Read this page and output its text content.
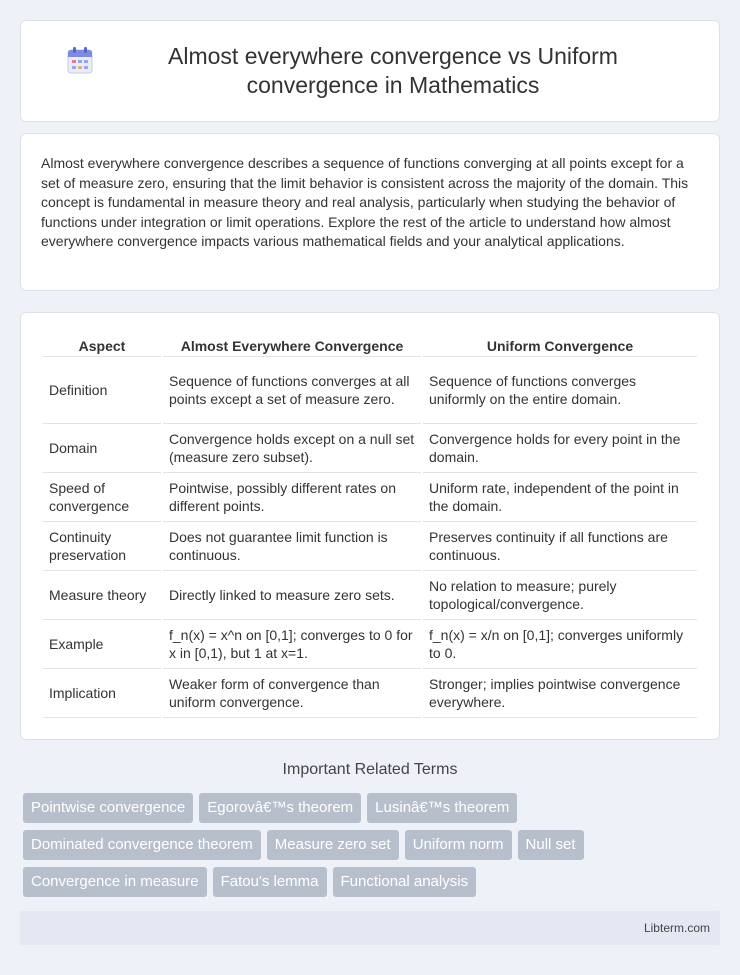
Almost everywhere convergence vs Uniform convergence in Mathematics

Almost everywhere convergence describes a sequence of functions converging at all points except for a set of measure zero, ensuring that the limit behavior is consistent across the majority of the domain. This concept is fundamental in measure theory and real analysis, particularly when studying the behavior of functions under integration or limit operations. Explore the rest of the article to understand how almost everywhere convergence impacts various mathematical fields and your analytical applications.

Aspect	Almost Everywhere Convergence	Uniform Convergence
Definition	Sequence of functions converges at all points except a set of measure zero.	Sequence of functions converges uniformly on the entire domain.
Domain	Convergence holds except on a null set (measure zero subset).	Convergence holds for every point in the domain.
Speed of convergence	Pointwise, possibly different rates on different points.	Uniform rate, independent of the point in the domain.
Continuity preservation	Does not guarantee limit function is continuous.	Preserves continuity if all functions are continuous.
Measure theory	Directly linked to measure zero sets.	No relation to measure; purely topological/convergence.
Example	f_n(x) = x^n on [0,1]; converges to 0 for x in [0,1), but 1 at x=1.	f_n(x) = x/n on [0,1]; converges uniformly to 0.
Implication	Weaker form of convergence than uniform convergence.	Stronger; implies pointwise convergence everywhere.
Important Related Terms
Pointwise convergence	Egorovâ€™s theorem	Lusinâ€™s theorem
Dominated convergence theorem	Measure zero set	Uniform norm	Null set
Convergence in measure	Fatou's lemma	Functional analysis
Libterm.com
